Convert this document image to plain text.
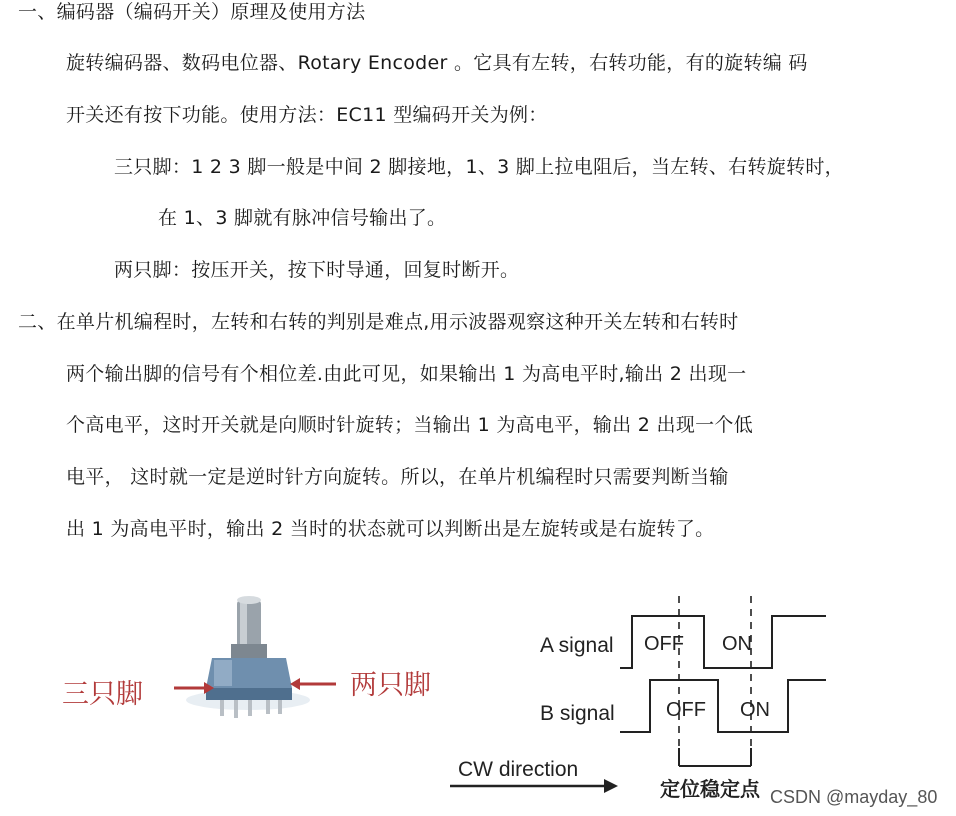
一、编码器（编码开关）原理及使用方法
旋转编码器、数码电位器、Rotary Encoder 。它具有左转，右转功能，有的旋转编 码
开关还有按下功能。使用方法：EC11 型编码开关为例：
三只脚：1 2 3 脚一般是中间 2 脚接地，1、3 脚上拉电阻后，当左转、右转旋转时，
在 1、3 脚就有脉冲信号输出了。
两只脚：按压开关，按下时导通，回复时断开。
二、在单片机编程时，左转和右转的判别是难点,用示波器观察这种开关左转和右转时
两个输出脚的信号有个相位差.由此可见，如果输出 1 为高电平时,输出 2 出现一
个高电平，这时开关就是向顺时针旋转；当输出 1 为高电平，输出 2 出现一个低
电平， 这时就一定是逆时针方向旋转。所以，在单片机编程时只需要判断当输
出 1 为高电平时，输出 2 当时的状态就可以判断出是左旋转或是右旋转了。
三只脚	两只脚
A signal
B signal
OFF ON
OFF ON
定位稳定点
CW direction
CSDN @mayday_80
